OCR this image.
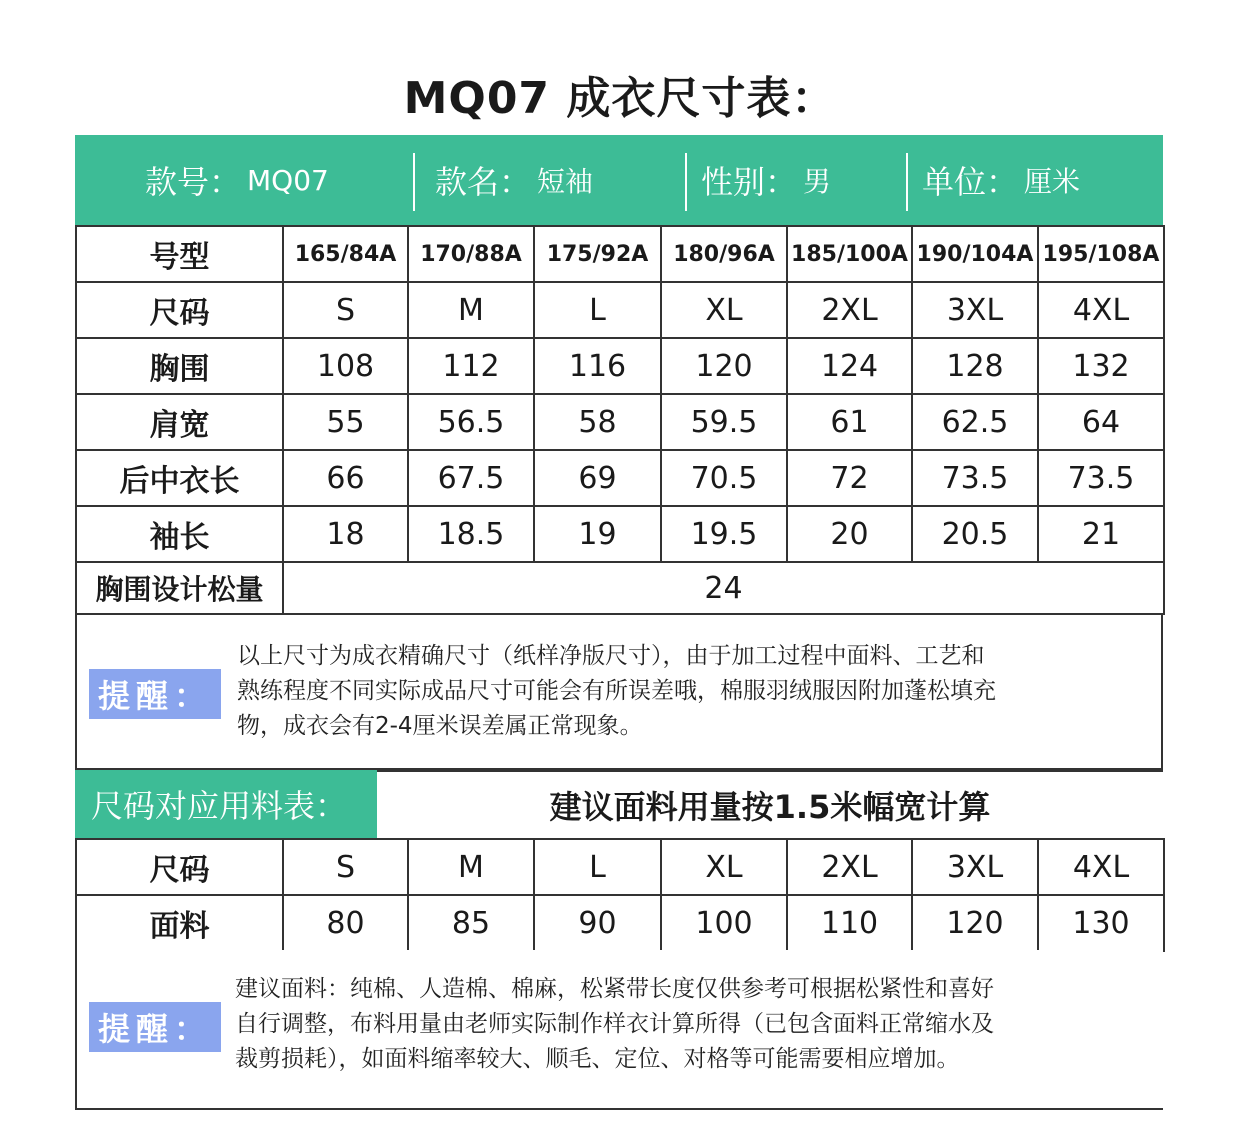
MQ07 成衣尺寸表：
款号： MQ07	款名： 短袖	性别： 男	单位： 厘米
号型	165/84A	170/88A	175/92A	180/96A	185/100A	190/104A	195/108A
尺码	S	M	L	XL	2XL	3XL	4XL
胸围	108	112	116	120	124	128	132
肩宽	55	56.5	58	59.5	61	62.5	64
后中衣长	66	67.5	69	70.5	72	73.5	73.5
袖长	18	18.5	19	19.5	20	20.5	21
胸围设计松量	24						
提醒：
以上尺寸为成衣精确尺寸（纸样净版尺寸），由于加工过程中面料、工艺和
熟练程度不同实际成品尺寸可能会有所误差哦，棉服羽绒服因附加蓬松填充
物，成衣会有2-4厘米误差属正常现象。
尺码对应用料表：	建议面料用量按1.5米幅宽计算
尺码	S	M	L	XL	2XL	3XL	4XL
面料	80	85	90	100	110	120	130
提醒：
建议面料：纯棉、人造棉、棉麻，松紧带长度仅供参考可根据松紧性和喜好
自行调整，布料用量由老师实际制作样衣计算所得（已包含面料正常缩水及
裁剪损耗），如面料缩率较大、顺毛、定位、对格等可能需要相应增加。
